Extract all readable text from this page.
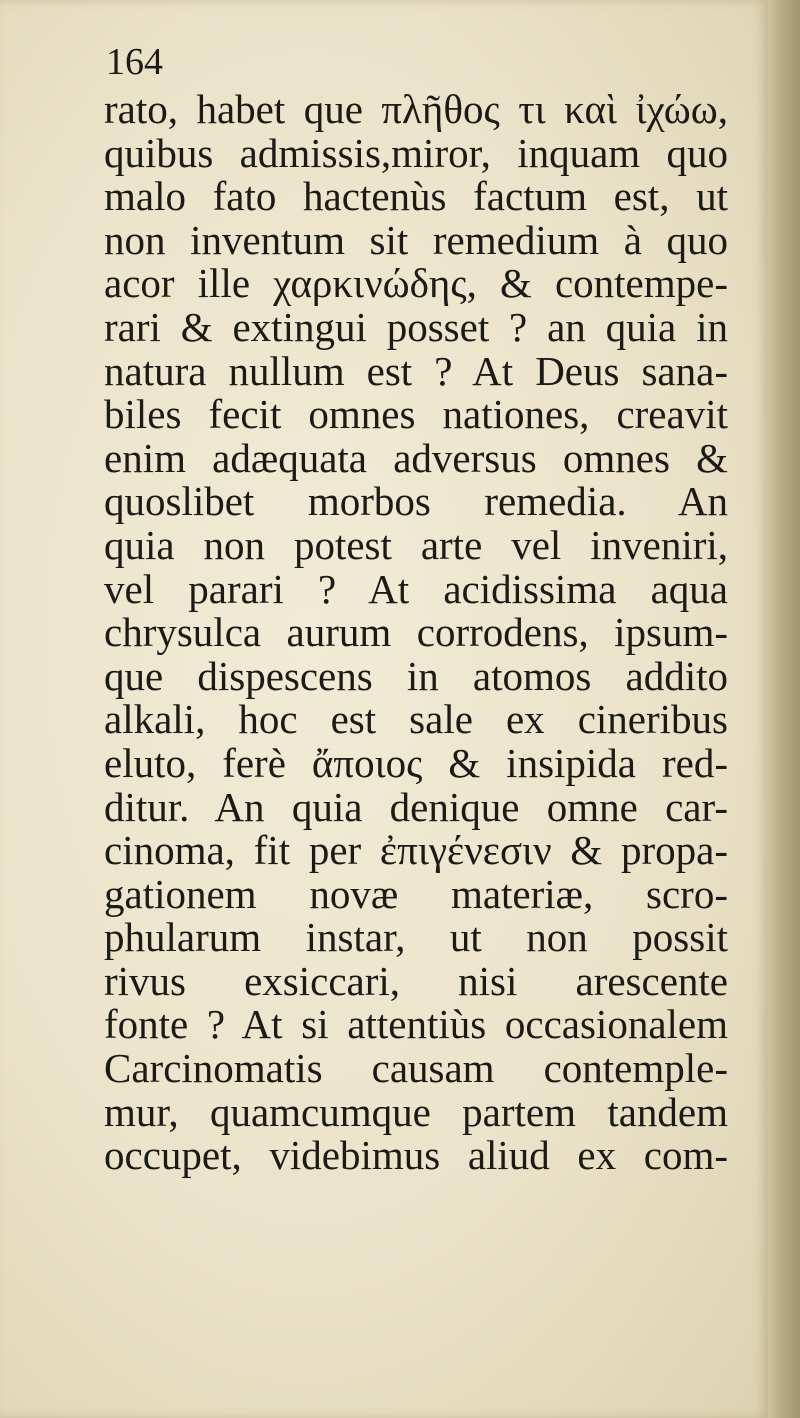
164
rato, habet que πλῆθος τι καὶ ἰχώω,
quibus admissis,miror, inquam quo
malo fato hactenùs factum est, ut
non inventum sit remedium à quo
acor ille χαρκινώδης, & contempe-
rari & extingui posset ? an quia in
natura nullum est ? At Deus sana-
biles fecit omnes nationes, creavit
enim adæquata adversus omnes &
quoslibet morbos remedia. An
quia non potest arte vel inveniri,
vel parari ? At acidissima aqua
chrysulca aurum corrodens, ipsum-
que dispescens in atomos addito
alkali, hoc est sale ex cineribus
eluto, ferè ἄποιος & insipida red-
ditur. An quia denique omne car-
cinoma, fit per ἐπιγένεσιν & propa-
gationem novæ materiæ, scro-
phularum instar, ut non possit
rivus exsiccari, nisi arescente
fonte ? At si attentiùs occasionalem
Carcinomatis causam contemple-
mur, quamcumque partem tandem
occupet, videbimus aliud ex com-
